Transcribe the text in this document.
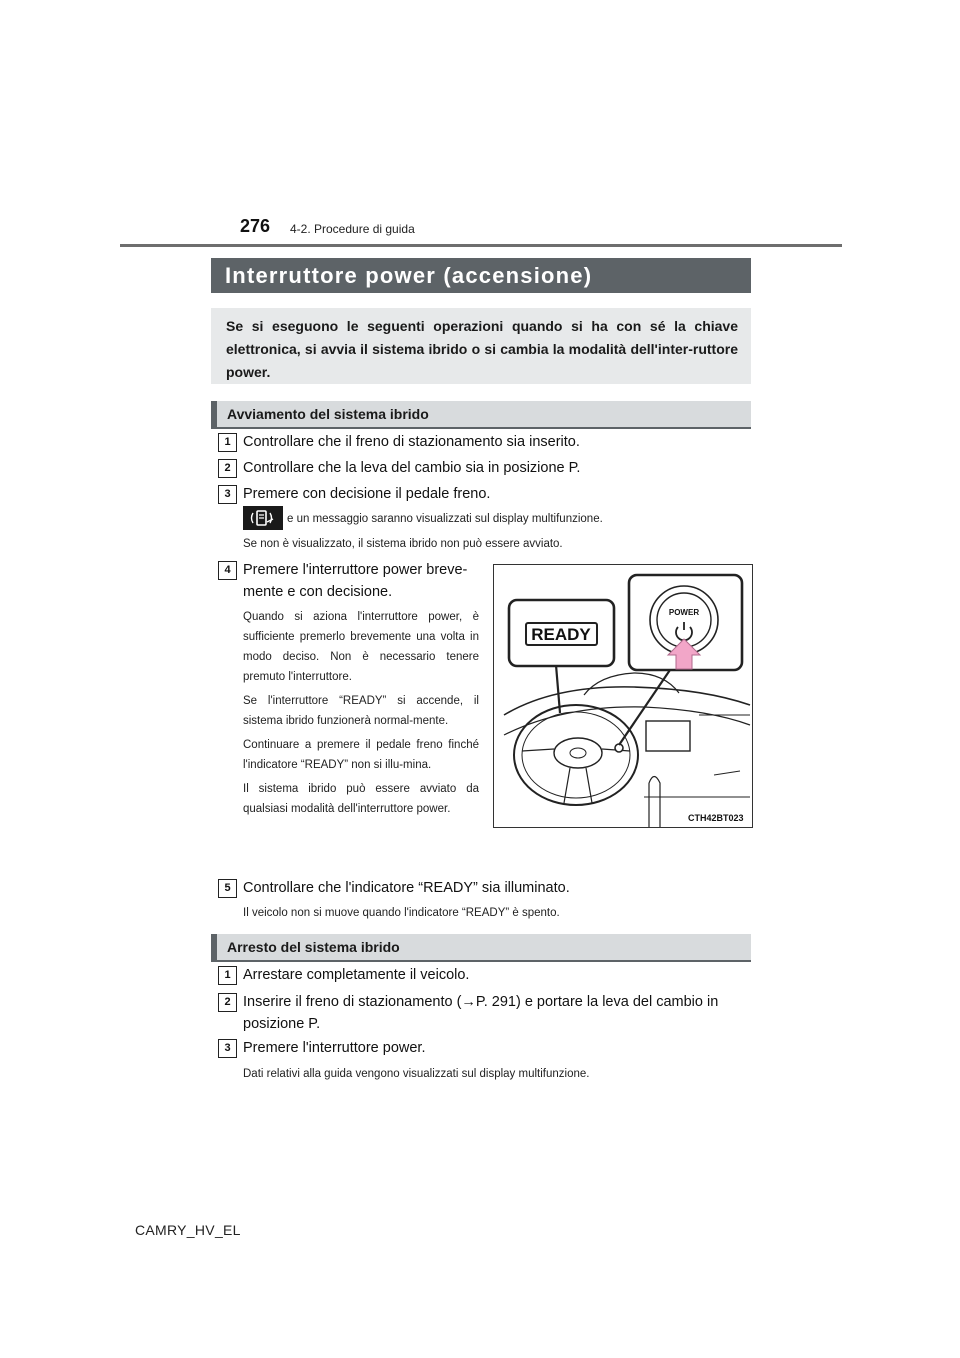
276 4-2. Procedure di guida
Interruttore power (accensione)
Se si eseguono le seguenti operazioni quando si ha con sé la chiave elettronica, si avvia il sistema ibrido o si cambia la modalità dell'inter-ruttore power.
Avviamento del sistema ibrido
1 Controllare che il freno di stazionamento sia inserito.
2 Controllare che la leva del cambio sia in posizione P.
3 Premere con decisione il pedale freno.
e un messaggio saranno visualizzati sul display multifunzione.
Se non è visualizzato, il sistema ibrido non può essere avviato.
4 Premere l'interruttore power breve-
mente e con decisione.

Quando si aziona l'interruttore power, è sufficiente premerlo brevemente una volta in modo deciso. Non è necessario tenere premuto l'interruttore.

Se l'interruttore “READY” si accende, il sistema ibrido funzionerà normal-mente.

Continuare a premere il pedale freno finché l'indicatore “READY” non si illu-mina.

Il sistema ibrido può essere avviato da qualsiasi modalità dell'interruttore power.

READY
POWER
CTH42BT023
5 Controllare che l'indicatore “READY” sia illuminato.
Il veicolo non si muove quando l'indicatore “READY” è spento.
Arresto del sistema ibrido
1 Arrestare completamente il veicolo.
2 Inserire il freno di stazionamento (→P. 291) e portare la leva del cambio in
posizione P.
3 Premere l'interruttore power.
Dati relativi alla guida vengono visualizzati sul display multifunzione.
CAMRY_HV_EL
